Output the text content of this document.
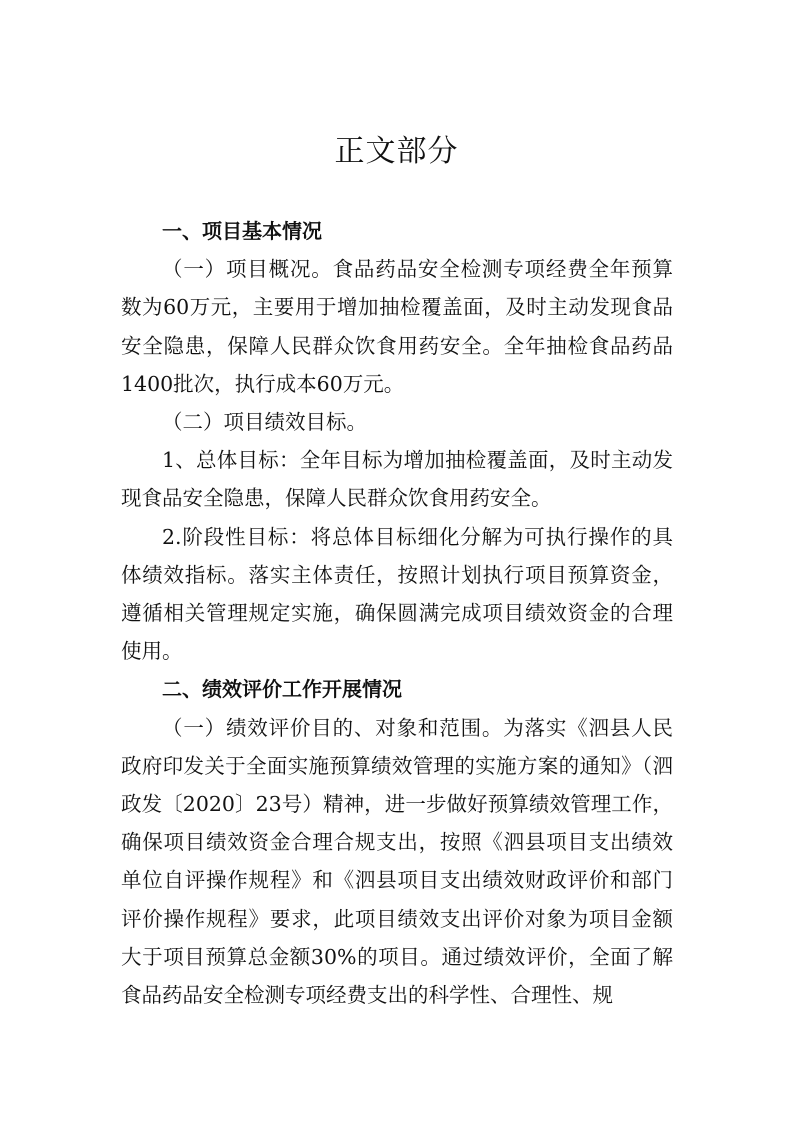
正文部分

一、项目基本情况

（一）项目概况。食品药品安全检测专项经费全年预算数为60万元，主要用于增加抽检覆盖面，及时主动发现食品安全隐患，保障人民群众饮食用药安全。全年抽检食品药品1400批次，执行成本60万元。

（二）项目绩效目标。

1、总体目标：全年目标为增加抽检覆盖面，及时主动发现食品安全隐患，保障人民群众饮食用药安全。

2.阶段性目标：将总体目标细化分解为可执行操作的具体绩效指标。落实主体责任，按照计划执行项目预算资金，遵循相关管理规定实施，确保圆满完成项目绩效资金的合理使用。

二、绩效评价工作开展情况

（一）绩效评价目的、对象和范围。为落实《泗县人民政府印发关于全面实施预算绩效管理的实施方案的通知》（泗政发〔2020〕23号）精神，进一步做好预算绩效管理工作，确保项目绩效资金合理合规支出，按照《泗县项目支出绩效单位自评操作规程》和《泗县项目支出绩效财政评价和部门评价操作规程》要求，此项目绩效支出评价对象为项目金额大于项目预算总金额30%的项目。通过绩效评价，全面了解食品药品安全检测专项经费支出的科学性、合理性、规
